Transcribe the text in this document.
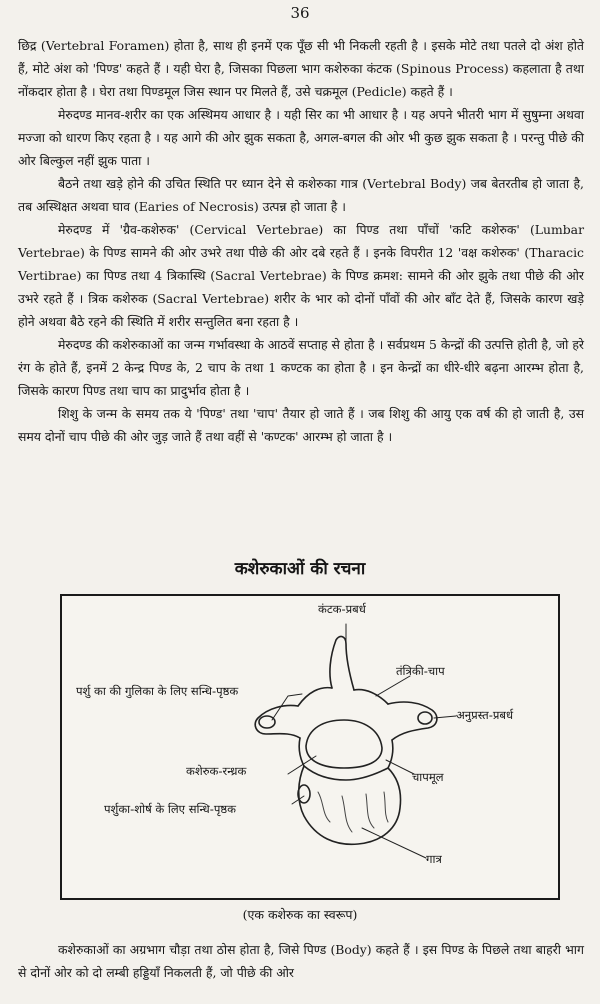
36

छिद्र (Vertebral Foramen) होता है, साथ ही इनमें एक पूँछ सी भी निकली रहती है । इसके मोटे तथा पतले दो अंश होते हैं, मोटे अंश को 'पिण्ड' कहते हैं । यही घेरा है, जिसका पिछला भाग कशेरुका कंटक (Spinous Process) कहलाता है तथा नोंकदार होता है । घेरा तथा पिण्डमूल जिस स्थान पर मिलते हैं, उसे चक्रमूल (Pedicle) कहते हैं ।

मेरुदण्ड मानव-शरीर का एक अस्थिमय आधार है । यही सिर का भी आधार है । यह अपने भीतरी भाग में सुषुम्ना अथवा मज्जा को धारण किए रहता है । यह आगे की ओर झुक सकता है, अगल-बगल की ओर भी कुछ झुक सकता है । परन्तु पीछे की ओर बिल्कुल नहीं झुक पाता ।

बैठने तथा खड़े होने की उचित स्थिति पर ध्यान देने से कशेरुका गात्र (Vertebral Body) जब बेतरतीब हो जाता है, तब अस्थिक्षत अथवा घाव (Earies of Necrosis) उत्पन्न हो जाता है ।

मेरुदण्ड में 'ग्रैव-कशेरुक' (Cervical Vertebrae) का पिण्ड तथा पाँचों 'कटि कशेरुक' (Lumbar Vertebrae) के पिण्ड सामने की ओर उभरे तथा पीछे की ओर दबे रहते हैं । इनके विपरीत 12 'वक्ष कशेरुक' (Tharacic Vertibrae) का पिण्ड तथा 4 त्रिकास्थि (Sacral Vertebrae) के पिण्ड क्रमश: सामने की ओर झुके तथा पीछे की ओर उभरे रहते हैं । त्रिक कशेरुक (Sacral Vertebrae) शरीर के भार को दोनों पाँवों की ओर बाँट देते हैं, जिसके कारण खड़े होने अथवा बैठे रहने की स्थिति में शरीर सन्तुलित बना रहता है ।

मेरुदण्ड की कशेरुकाओं का जन्म गर्भावस्था के आठवें सप्ताह से होता है । सर्वप्रथम 5 केन्द्रों की उत्पत्ति होती है, जो हरे रंग के होते हैं, इनमें 2 केन्द्र पिण्ड के, 2 चाप के तथा 1 कण्टक का होता है । इन केन्द्रों का धीरे-धीरे बढ़ना आरम्भ होता है, जिसके कारण पिण्ड तथा चाप का प्रादुर्भाव होता है ।

शिशु के जन्म के समय तक ये 'पिण्ड' तथा 'चाप' तैयार हो जाते हैं । जब शिशु की आयु एक वर्ष की हो जाती है, उस समय दोनों चाप पीछे की ओर जुड़ जाते हैं तथा वहीं से 'कण्टक' आरम्भ हो जाता है ।

कशेरुकाओं की रचना
कंटक-प्रबर्ध
तंत्रिकी-चाप
पर्शु का की गुलिका के लिए सन्धि-पृष्ठक
अनुप्रस्त-प्रबर्ध
कशेरुक-रन्ध्रक	चापमूल
पर्शुका-शोर्ष के लिए सन्धि-पृष्ठक
गात्र
(एक कशेरुक का स्वरूप)

कशेरुकाओं का अग्रभाग चौड़ा तथा ठोस होता है, जिसे पिण्ड (Body) कहते हैं । इस पिण्ड के पिछले तथा बाहरी भाग से दोनों ओर को दो लम्बी हड्डियाँ निकलती हैं, जो पीछे की ओर
